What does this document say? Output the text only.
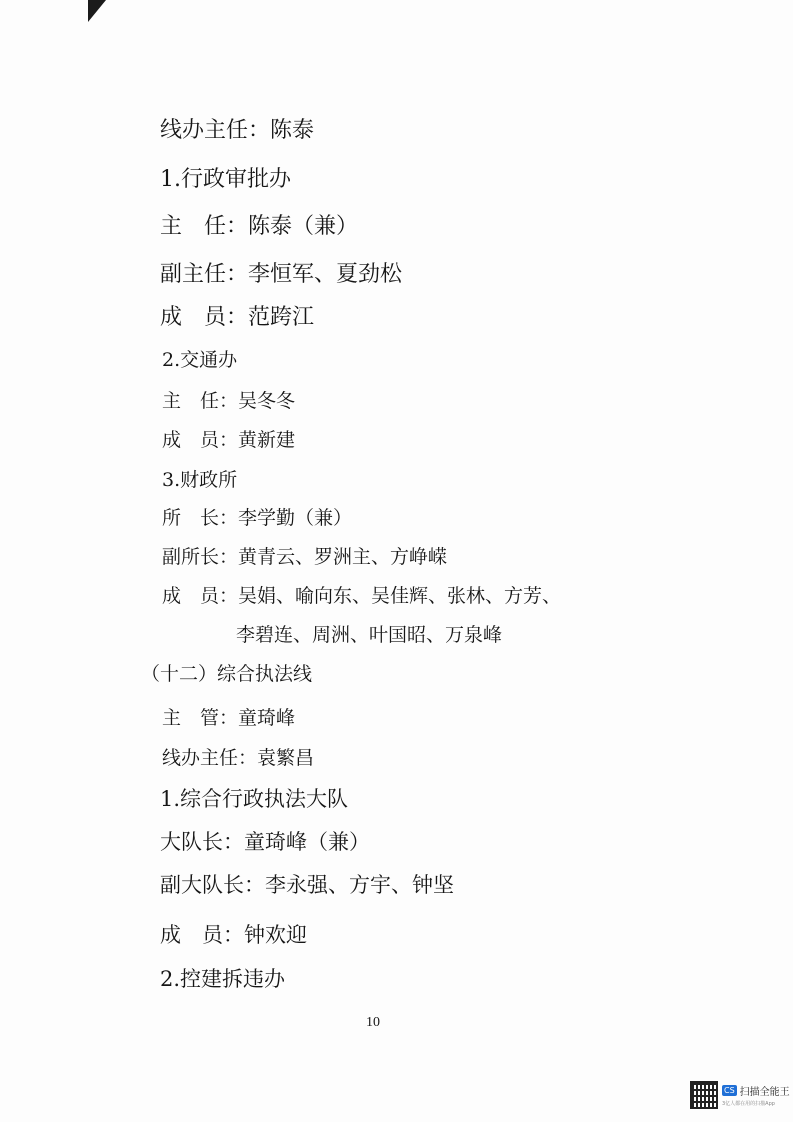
线办主任：陈泰
1.行政审批办
主　任：陈泰（兼）
副主任：李恒军、夏劲松
成　员：范跨江
2.交通办
主　任：吴冬冬
成　员：黄新建
3.财政所
所　长：李学勤（兼）
副所长：黄青云、罗洲主、方峥嵘
成　员：吴娟、喻向东、吴佳辉、张林、方芳、
李碧连、周洲、叶国昭、万泉峰
（十二）综合执法线
主　管：童琦峰
线办主任：袁繁昌
1.综合行政执法大队
大队长：童琦峰（兼）
副大队长：李永强、方宇、钟坚
成　员：钟欢迎
2.控建拆违办
10
CS 扫描全能王
3亿人都在用的扫描App
